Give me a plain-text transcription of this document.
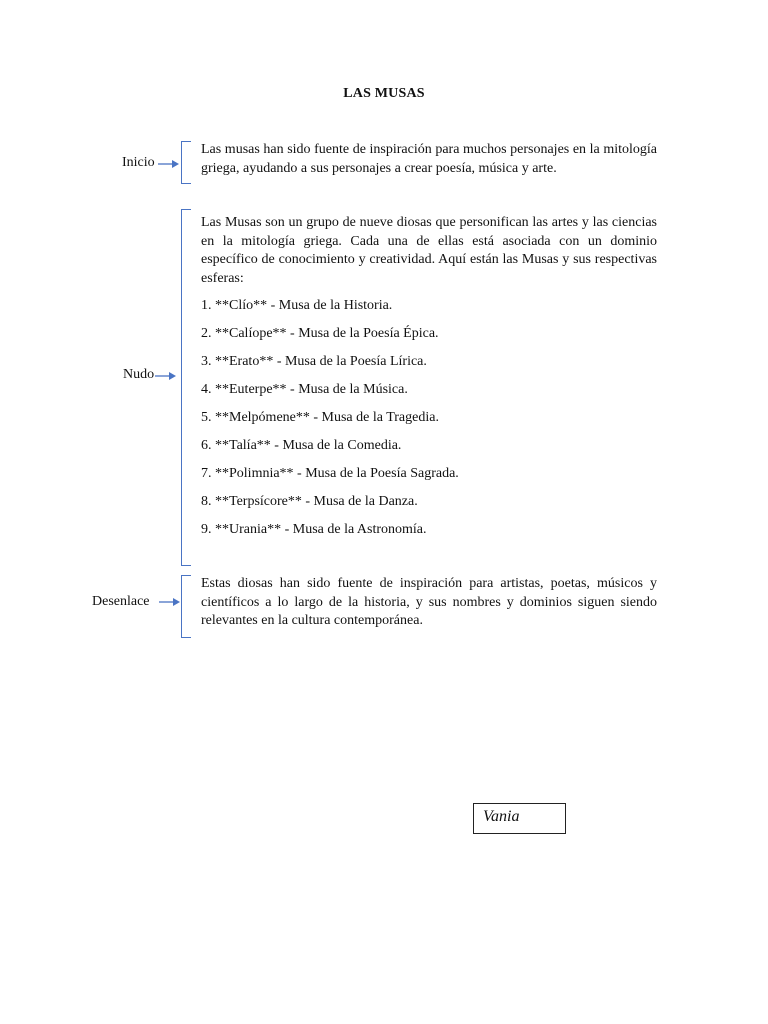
LAS MUSAS
Inicio

Las musas han sido fuente de inspiración para muchos personajes en la mitología griega, ayudando a sus personajes a crear poesía, música y arte.

Nudo

Las Musas son un grupo de nueve diosas que personifican las artes y las ciencias en la mitología griega. Cada una de ellas está asociada con un dominio específico de conocimiento y creatividad. Aquí están las Musas y sus respectivas esferas:

1. **Clío** - Musa de la Historia.
2. **Calíope** - Musa de la Poesía Épica.
3. **Erato** - Musa de la Poesía Lírica.
4. **Euterpe** - Musa de la Música.
5. **Melpómene** - Musa de la Tragedia.
6. **Talía** - Musa de la Comedia.
7. **Polimnia** - Musa de la Poesía Sagrada.
8. **Terpsícore** - Musa de la Danza.
9. **Urania** - Musa de la Astronomía.
Desenlace

Estas diosas han sido fuente de inspiración para artistas, poetas, músicos y científicos a lo largo de la historia, y sus nombres y dominios siguen siendo relevantes en la cultura contemporánea.

Vania
